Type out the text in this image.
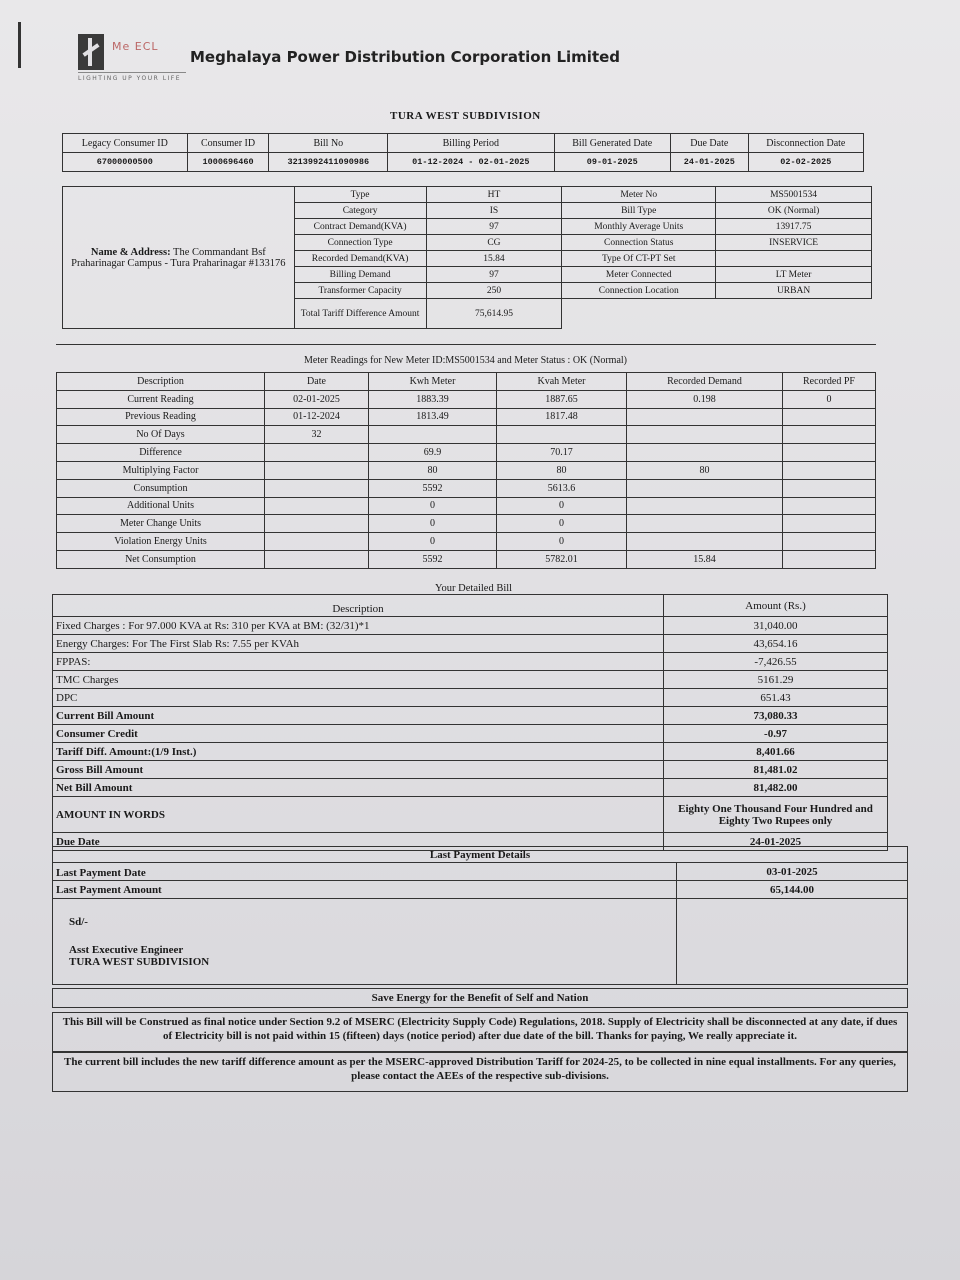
Me ECL
LIGHTING UP YOUR LIFE
Meghalaya Power Distribution Corporation Limited
TURA WEST SUBDIVISION
Legacy Consumer ID	Consumer ID	Bill No	Billing Period	Bill Generated Date	Due Date	Disconnection Date
67000000500	1000696460	3213992411090986	01-12-2024 - 02-01-2025	09-01-2025	24-01-2025	02-02-2025
Name & Address: The Commandant Bsf Praharinagar Campus - Tura Praharinagar #133176	Type	HT	Meter No	MS5001534
	Category	IS	Bill Type	OK (Normal)
	Contract Demand(KVA)	97	Monthly Average Units	13917.75
	Connection Type	CG	Connection Status	INSERVICE
	Recorded Demand(KVA)	15.84	Type Of CT-PT Set	
	Billing Demand	97	Meter Connected	LT Meter
	Transformer Capacity	250	Connection Location	URBAN
	Total Tariff Difference Amount	75,614.95		
Meter Readings for New Meter ID:MS5001534 and Meter Status : OK (Normal)
Description	Date	Kwh Meter	Kvah Meter	Recorded Demand	Recorded PF
Current Reading	02-01-2025	1883.39	1887.65	0.198	0
Previous Reading	01-12-2024	1813.49	1817.48		
No Of Days	32				
Difference		69.9	70.17		
Multiplying Factor		80	80	80	
Consumption		5592	5613.6		
Additional Units		0	0		
Meter Change Units		0	0		
Violation Energy Units		0	0		
Net Consumption		5592	5782.01	15.84	
Your Detailed Bill
Description	Amount (Rs.)
Fixed Charges : For 97.000 KVA at Rs: 310 per KVA at BM: (32/31)*1	31,040.00
Energy Charges: For The First Slab Rs: 7.55 per KVAh	43,654.16
FPPAS:	-7,426.55
TMC Charges	5161.29
DPC	651.43
Current Bill Amount	73,080.33
Consumer Credit	-0.97
Tariff Diff. Amount:(1/9 Inst.)	8,401.66
Gross Bill Amount	81,481.02
Net Bill Amount	81,482.00
AMOUNT IN WORDS	Eighty One Thousand Four Hundred and Eighty Two Rupees only
Due Date	24-01-2025
Last Payment Details	
Last Payment Date	03-01-2025
Last Payment Amount	65,144.00

Sd/-
Asst Executive Engineer
TURA WEST SUBDIVISION	

Save Energy for the Benefit of Self and Nation
This Bill will be Construed as final notice under Section 9.2 of MSERC (Electricity Supply Code) Regulations, 2018. Supply of Electricity shall be disconnected at any date, if dues of Electricity bill is not paid within 15 (fifteen) days (notice period) after due date of the bill. Thanks for paying, We really appreciate it.
The current bill includes the new tariff difference amount as per the MSERC-approved Distribution Tariff for 2024-25, to be collected in nine equal installments. For any queries, please contact the AEEs of the respective sub-divisions.
